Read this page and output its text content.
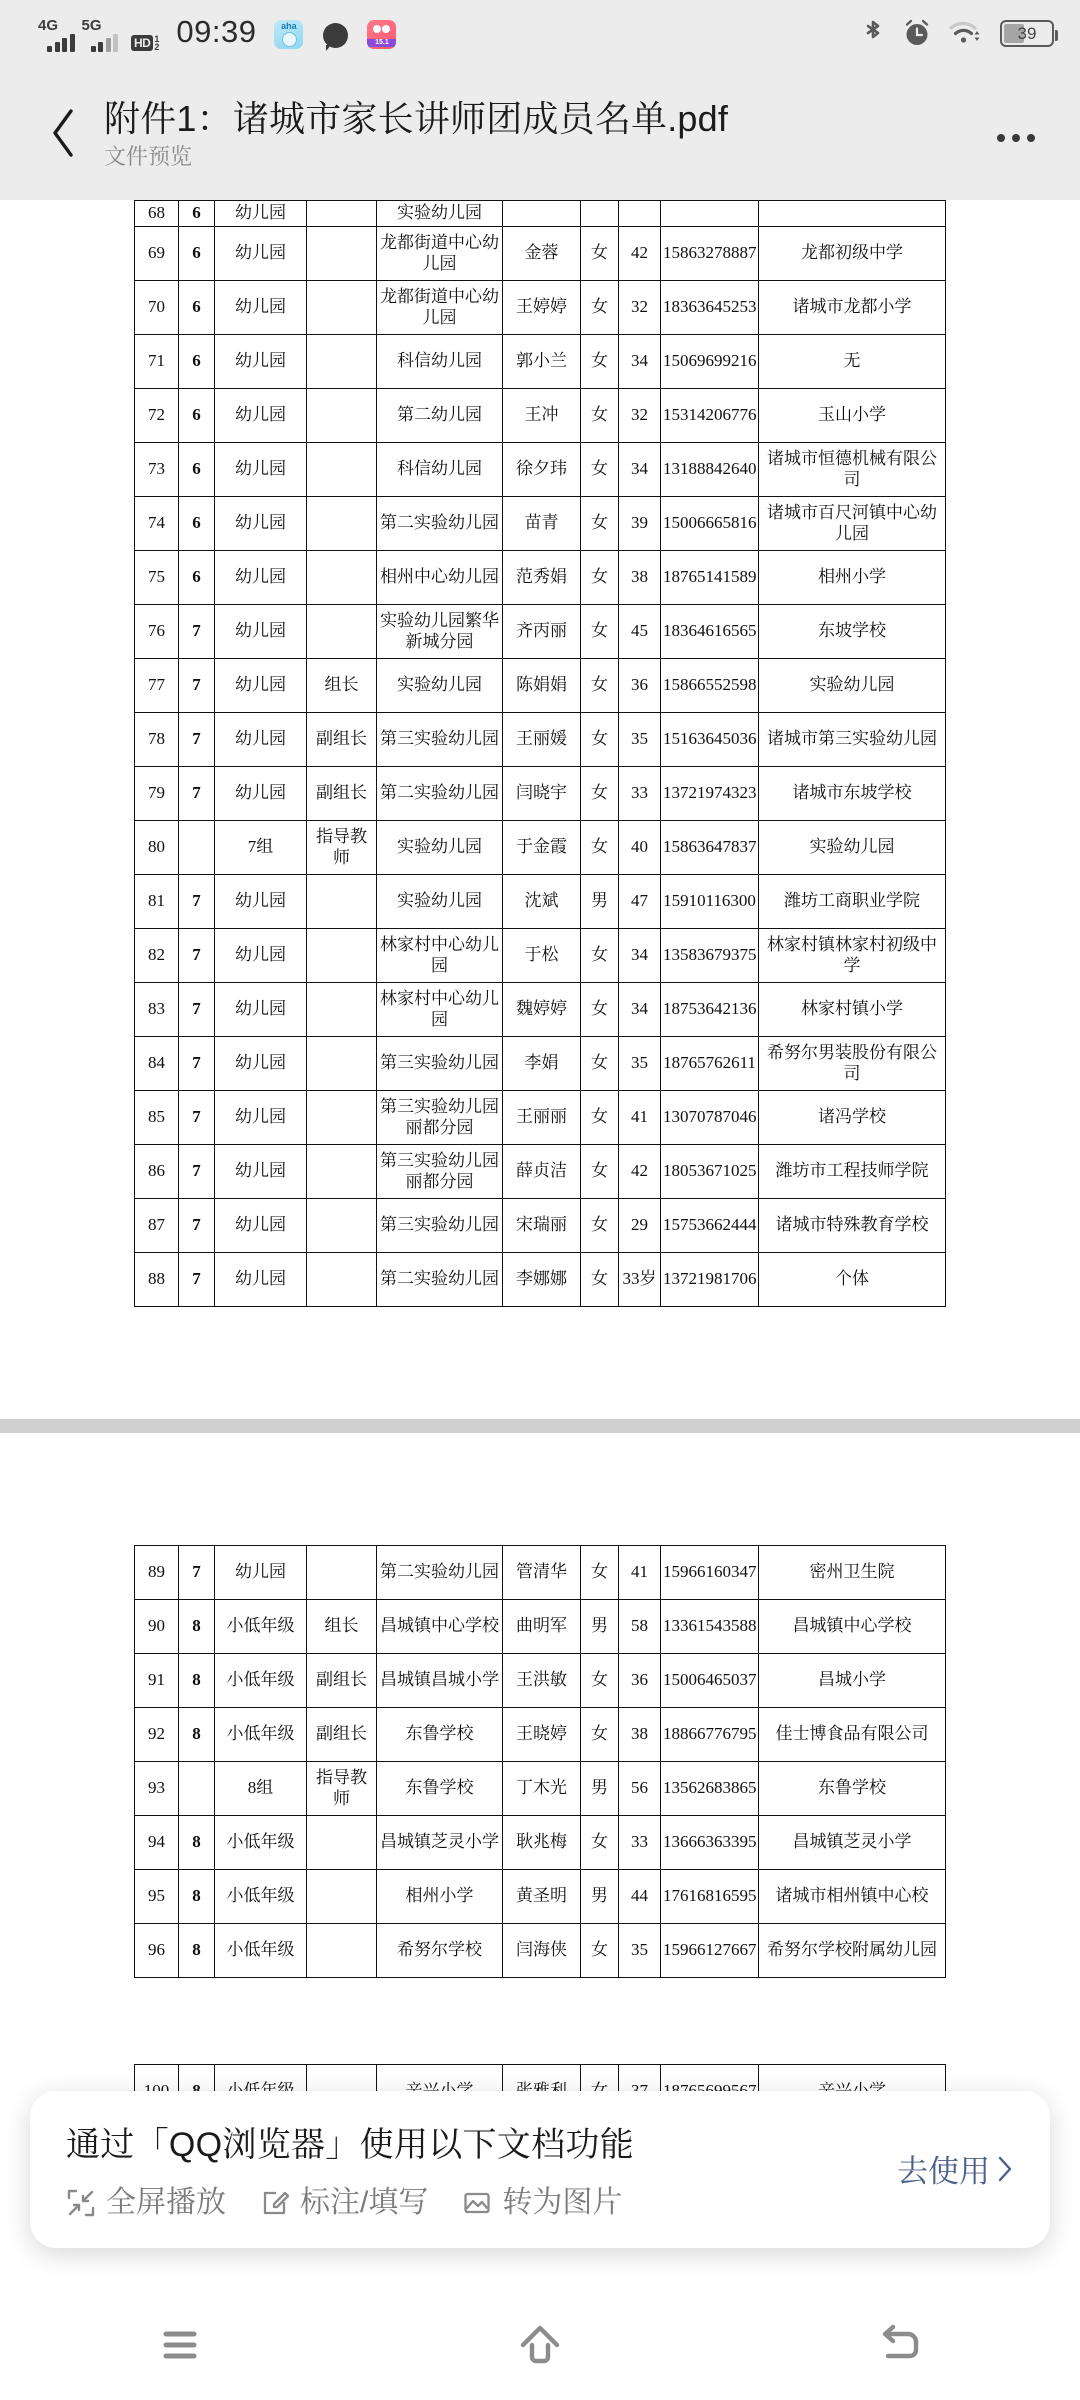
4G 5G
HD 1
2 09:39 aha	15.1	39
附件1：诸城市家长讲师团成员名单.pdf
文件预览
68	6	幼儿园		实验幼儿园					
69	6	幼儿园		龙都街道中心幼儿园	金蓉	女	42	15863278887	龙都初级中学
70	6	幼儿园		龙都街道中心幼儿园	王婷婷	女	32	18363645253	诸城市龙都小学
71	6	幼儿园		科信幼儿园	郭小兰	女	34	15069699216	无
72	6	幼儿园		第二幼儿园	王冲	女	32	15314206776	玉山小学
73	6	幼儿园		科信幼儿园	徐夕玮	女	34	13188842640	诸城市恒德机械有限公司
74	6	幼儿园		第二实验幼儿园	苗青	女	39	15006665816	诸城市百尺河镇中心幼儿园
75	6	幼儿园		相州中心幼儿园	范秀娟	女	38	18765141589	相州小学
76	7	幼儿园		实验幼儿园繁华新城分园	齐丙丽	女	45	18364616565	东坡学校
77	7	幼儿园	组长	实验幼儿园	陈娟娟	女	36	15866552598	实验幼儿园
78	7	幼儿园	副组长	第三实验幼儿园	王丽媛	女	35	15163645036	诸城市第三实验幼儿园
79	7	幼儿园	副组长	第二实验幼儿园	闫晓宇	女	33	13721974323	诸城市东坡学校
80		7组	指导教师	实验幼儿园	于金霞	女	40	15863647837	实验幼儿园
81	7	幼儿园		实验幼儿园	沈斌	男	47	15910116300	潍坊工商职业学院
82	7	幼儿园		林家村中心幼儿园	于松	女	34	13583679375	林家村镇林家村初级中学
83	7	幼儿园		林家村中心幼儿园	魏婷婷	女	34	18753642136	林家村镇小学
84	7	幼儿园		第三实验幼儿园	李娟	女	35	18765762611	希努尔男装股份有限公司
85	7	幼儿园		第三实验幼儿园丽都分园	王丽丽	女	41	13070787046	诸冯学校
86	7	幼儿园		第三实验幼儿园丽都分园	薛贞洁	女	42	18053671025	潍坊市工程技师学院
87	7	幼儿园		第三实验幼儿园	宋瑞丽	女	29	15753662444	诸城市特殊教育学校
88	7	幼儿园		第二实验幼儿园	李娜娜	女	33岁	13721981706	个体
89	7	幼儿园		第二实验幼儿园	管清华	女	41	15966160347	密州卫生院
90	8	小低年级	组长	昌城镇中心学校	曲明军	男	58	13361543588	昌城镇中心学校
91	8	小低年级	副组长	昌城镇昌城小学	王洪敏	女	36	15006465037	昌城小学
92	8	小低年级	副组长	东鲁学校	王晓婷	女	38	18866776795	佳士博食品有限公司
93		8组	指导教师	东鲁学校	丁木光	男	56	13562683865	东鲁学校
94	8	小低年级		昌城镇芝灵小学	耿兆梅	女	33	13666363395	昌城镇芝灵小学
95	8	小低年级		相州小学	黄圣明	男	44	17616816595	诸城市相州镇中心校
96	8	小低年级		希努尔学校	闫海侠	女	35	15966127667	希努尔学校附属幼儿园

通过「QQ浏览器」使用以下文档功能
全屏播放 标注/填写 转为图片
去使用
